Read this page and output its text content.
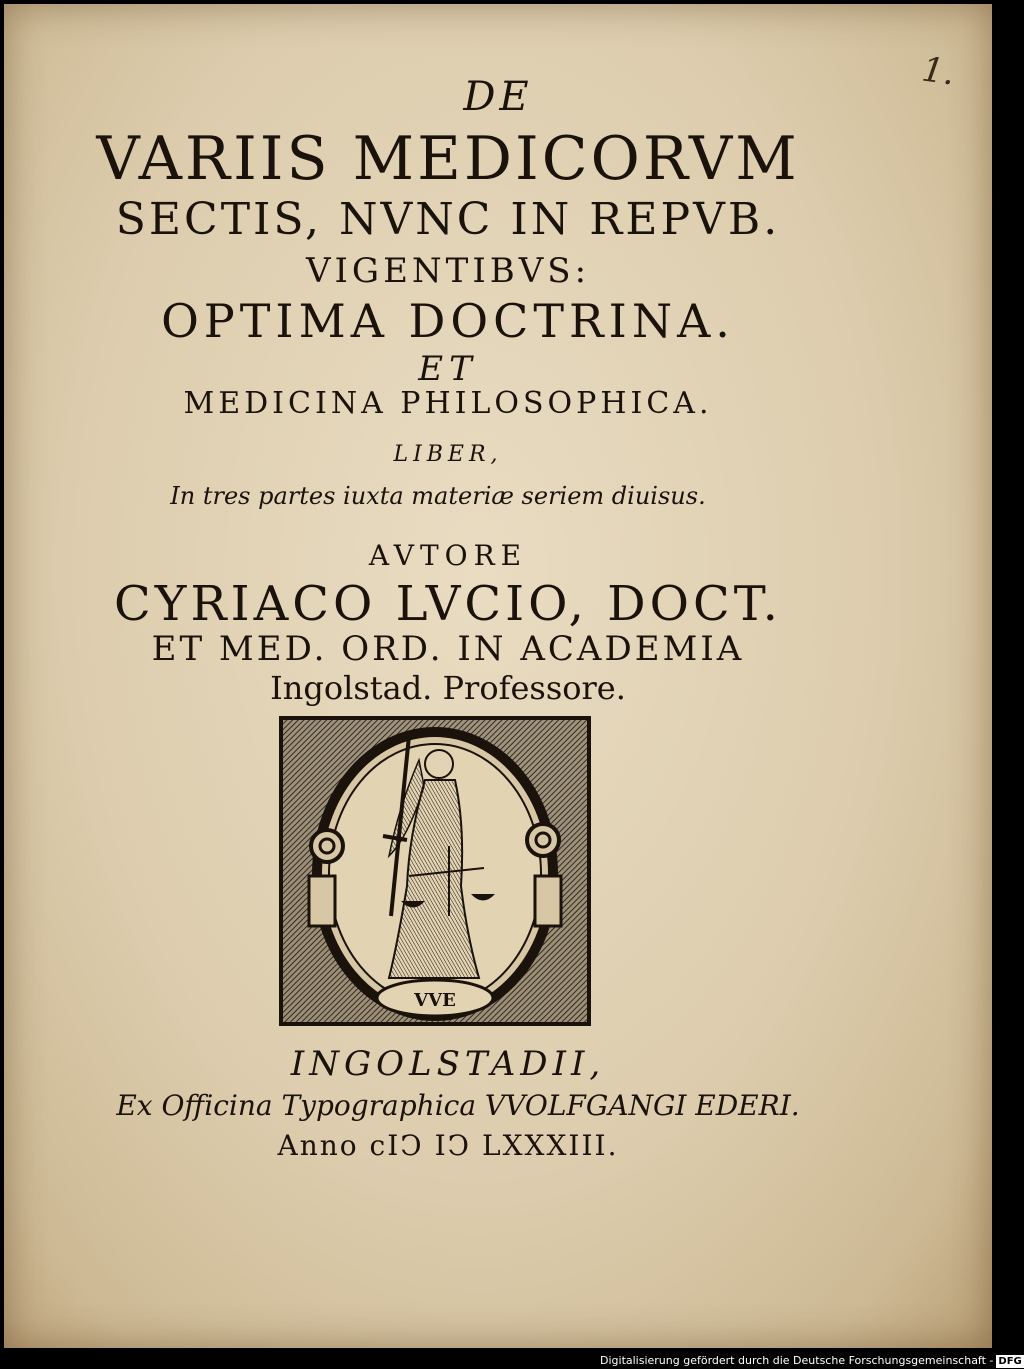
1.
DE
VARIIS MEDICORVM
SECTIS, NVNC IN REPVB.
VIGENTIBVS:
OPTIMA DOCTRINA.
ET
MEDICINA PHILOSOPHICA.
LIBER,
In tres partes iuxta materiæ seriem diuisus.
AVTORE
CYRIACO LVCIO, DOCT.
ET MED. ORD. IN ACADEMIA
Ingolstad. Professore.
VVE
INGOLSTADII,
Ex Officina Typographica VVOLFGANGI EDERI.
Anno cIↃ IↃ LXXXIII.
Digitalisierung gefördert durch die Deutsche Forschungsgemeinschaft - DFG
